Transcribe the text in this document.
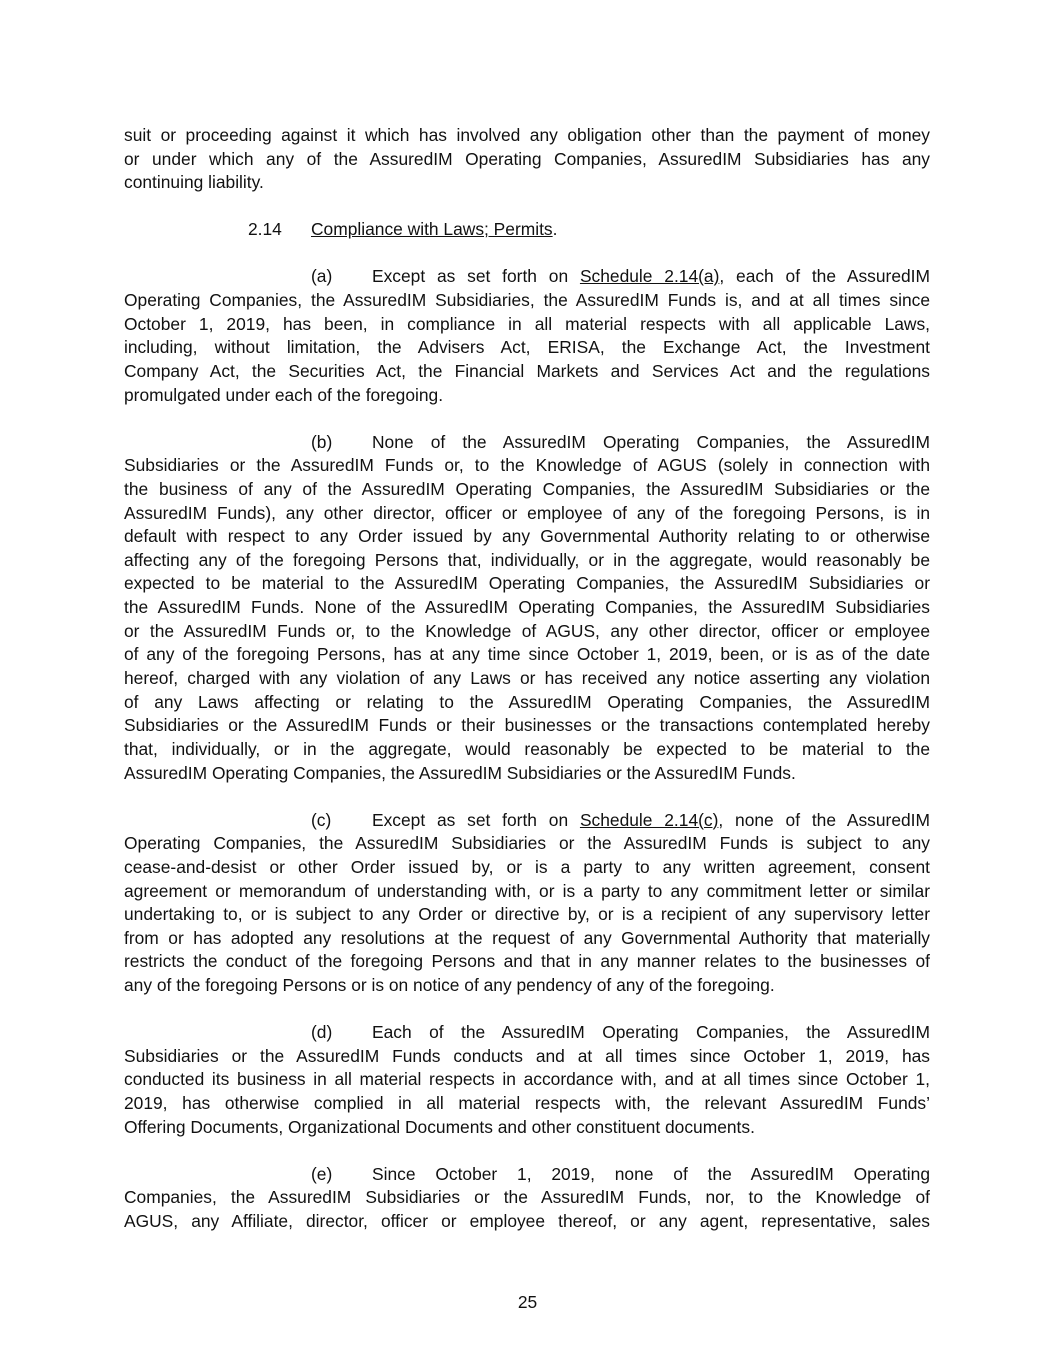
suit or proceeding against it which has involved any obligation other than the payment of money
or under which any of the AssuredIM Operating Companies, AssuredIM Subsidiaries has any
continuing liability.
2.14 Compliance with Laws; Permits.
(a)	Except as set forth on Schedule 2.14(a), each of the AssuredIM
Operating Companies, the AssuredIM Subsidiaries, the AssuredIM Funds is, and at all times since
October 1, 2019, has been, in compliance in all material respects with all applicable Laws,
including, without limitation, the Advisers Act, ERISA, the Exchange Act, the Investment
Company Act, the Securities Act, the Financial Markets and Services Act and the regulations
promulgated under each of the foregoing.
(b)	None of the AssuredIM Operating Companies, the AssuredIM
Subsidiaries or the AssuredIM Funds or, to the Knowledge of AGUS (solely in connection with
the business of any of the AssuredIM Operating Companies, the AssuredIM Subsidiaries or the
AssuredIM Funds), any other director, officer or employee of any of the foregoing Persons, is in
default with respect to any Order issued by any Governmental Authority relating to or otherwise
affecting any of the foregoing Persons that, individually, or in the aggregate, would reasonably be
expected to be material to the AssuredIM Operating Companies, the AssuredIM Subsidiaries or
the AssuredIM Funds. None of the AssuredIM Operating Companies, the AssuredIM Subsidiaries
or the AssuredIM Funds or, to the Knowledge of AGUS, any other director, officer or employee
of any of the foregoing Persons, has at any time since October 1, 2019, been, or is as of the date
hereof, charged with any violation of any Laws or has received any notice asserting any violation
of any Laws affecting or relating to the AssuredIM Operating Companies, the AssuredIM
Subsidiaries or the AssuredIM Funds or their businesses or the transactions contemplated hereby
that, individually, or in the aggregate, would reasonably be expected to be material to the
AssuredIM Operating Companies, the AssuredIM Subsidiaries or the AssuredIM Funds.
(c)	Except as set forth on Schedule 2.14(c), none of the AssuredIM
Operating Companies, the AssuredIM Subsidiaries or the AssuredIM Funds is subject to any
cease-and-desist or other Order issued by, or is a party to any written agreement, consent
agreement or memorandum of understanding with, or is a party to any commitment letter or similar
undertaking to, or is subject to any Order or directive by, or is a recipient of any supervisory letter
from or has adopted any resolutions at the request of any Governmental Authority that materially
restricts the conduct of the foregoing Persons and that in any manner relates to the businesses of
any of the foregoing Persons or is on notice of any pendency of any of the foregoing.
(d)	Each of the AssuredIM Operating Companies, the AssuredIM
Subsidiaries or the AssuredIM Funds conducts and at all times since October 1, 2019, has
conducted its business in all material respects in accordance with, and at all times since October 1,
2019, has otherwise complied in all material respects with, the relevant AssuredIM Funds’
Offering Documents, Organizational Documents and other constituent documents.
(e)	Since October 1, 2019, none of the AssuredIM Operating
Companies, the AssuredIM Subsidiaries or the AssuredIM Funds, nor, to the Knowledge of
AGUS, any Affiliate, director, officer or employee thereof, or any agent, representative, sales
25
